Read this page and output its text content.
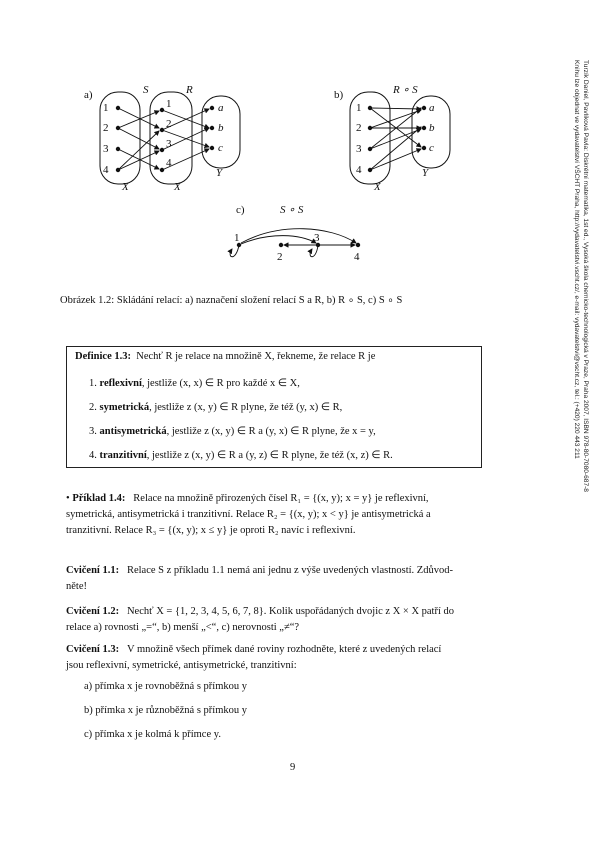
Turzík Daniel, Pavlíková Pavla: Diskrétní matematika, 1st ed., Vysoká škola chemicko-technologická v Praze, Praha 2007, ISBN 978-80-7080-687-8
Knihu lze objednat ve vydavatelství VŠCHT Praha, http://vydavatelstvi.vscht.cz/, e-mail: vydavatelstvi@vscht.cz, tel.: (+420) 220 443 211
a)	S	R
X	X
Y
1
2
3
4
1
2
3
4
a
b
c
b)	R ∘ S
X
Y
1
2
3
4
a
b
c
c)	S ∘ S
1
2
3
4
Obrázek 1.2: Skládání relací: a) naznačení složení relací S a R, b) R ∘ S, c) S ∘ S
Definice 1.3: Nechť R je relace na množině X, řekneme, že relace R je
1. reflexivní, jestliže (x, x) ∈ R pro každé x ∈ X,
2. symetrická, jestliže z (x, y) ∈ R plyne, že též (y, x) ∈ R,
3. antisymetrická, jestliže z (x, y) ∈ R a (y, x) ∈ R plyne, že x = y,
4. tranzitivní, jestliže z (x, y) ∈ R a (y, z) ∈ R plyne, že též (x, z) ∈ R.
• Příklad 1.4: Relace na množině přirozených čísel R₁ = {(x, y); x = y} je reflexivní,
symetrická, antisymetrická i tranzitivní. Relace R₂ = {(x, y); x < y} je antisymetrická a
tranzitivní. Relace R₃ = {(x, y); x ≤ y} je oproti R₂ navíc i reflexivní.
Cvičení 1.1: Relace S z příkladu 1.1 nemá ani jednu z výše uvedených vlastností. Zdůvod-
něte!
Cvičení 1.2: Nechť X = {1, 2, 3, 4, 5, 6, 7, 8}. Kolik uspořádaných dvojic z X × X patří do
relace a) rovnosti „=“, b) menší „<“, c) nerovnosti „≠“?
Cvičení 1.3: V množině všech přímek dané roviny rozhodněte, které z uvedených relací
jsou reflexivní, symetrické, antisymetrické, tranzitivní:
a) přímka x je rovnoběžná s přímkou y
b) přímka x je různoběžná s přímkou y
c) přímka x je kolmá k přímce y.
9
